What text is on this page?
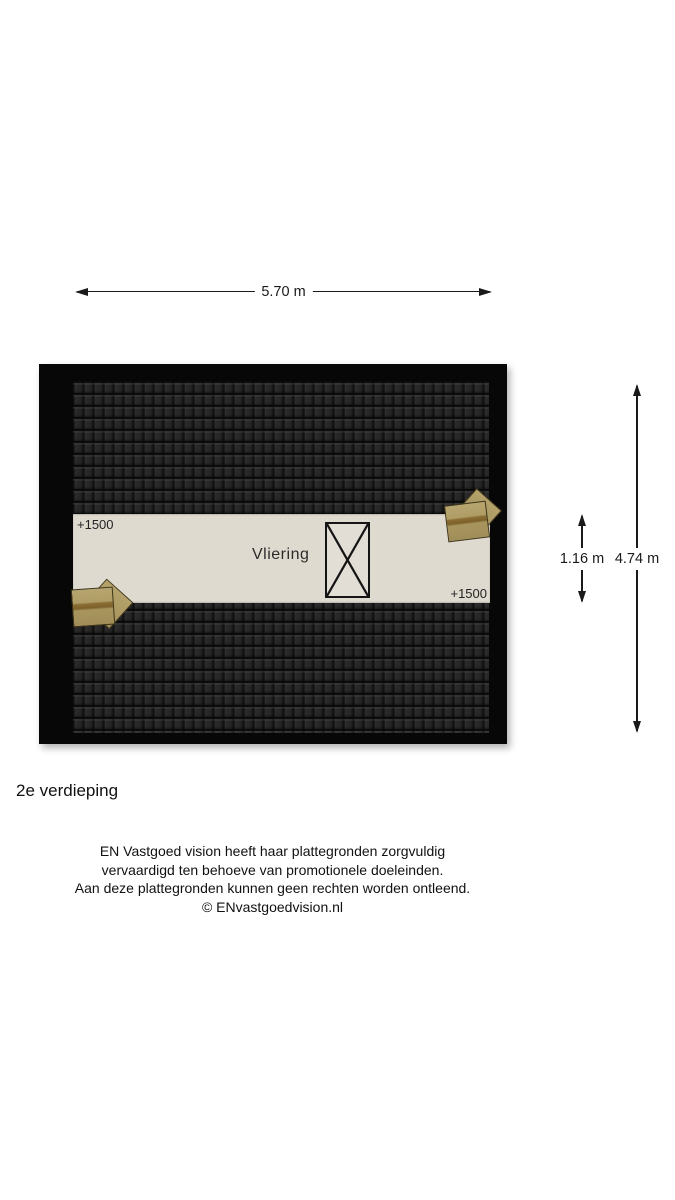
5.70 m
+1500
Vliering
+1500
1.16 m 4.74 m
2e verdieping
EN Vastgoed vision heeft haar plattegronden zorgvuldig
vervaardigd ten behoeve van promotionele doeleinden.
Aan deze plattegronden kunnen geen rechten worden ontleend.
© ENvastgoedvision.nl
